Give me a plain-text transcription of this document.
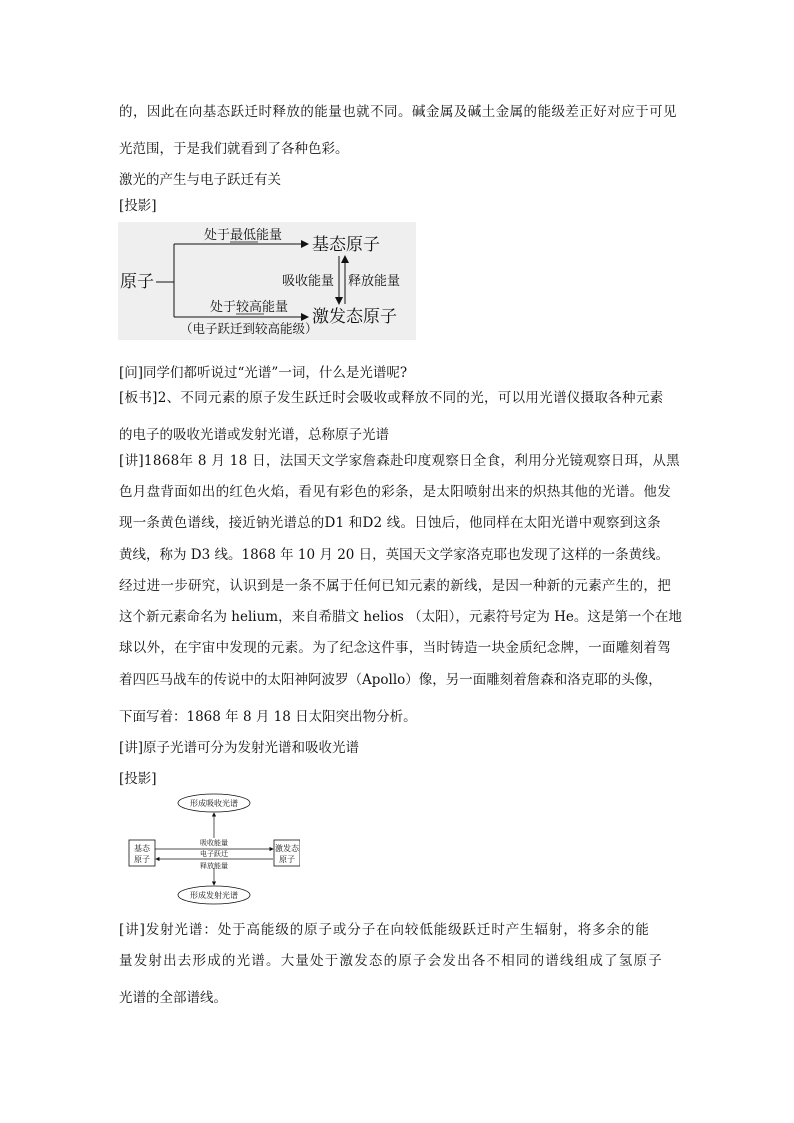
的，因此在向基态跃迁时释放的能量也就不同。碱金属及碱土金属的能级差正好对应于可见
光范围，于是我们就看到了各种色彩。
激光的产生与电子跃迁有关
[投影]
原子
处于最低能量 基态原子
处于较高能量 激发态原子
（电子跃迁到较高能级）
吸收能量 释放能量
[问]同学们都听说过“光谱”一词，什么是光谱呢?
[板书]2、不同元素的原子发生跃迁时会吸收或释放不同的光，可以用光谱仪摄取各种元素
的电子的吸收光谱或发射光谱，总称原子光谱
[讲]1868年 8 月 18 日，法国天文学家詹森赴印度观察日全食，利用分光镜观察日珥，从黑
色月盘背面如出的红色火焰，看见有彩色的彩条，是太阳喷射出来的炽热其他的光谱。他发
现一条黄色谱线，接近钠光谱总的D1 和D2 线。日蚀后，他同样在太阳光谱中观察到这条
黄线，称为 D3 线。1868 年 10 月 20 日，英国天文学家洛克耶也发现了这样的一条黄线。
经过进一步研究，认识到是一条不属于任何已知元素的新线，是因一种新的元素产生的，把
这个新元素命名为 helium，来自希腊文 helios （太阳），元素符号定为 He。这是第一个在地
球以外，在宇宙中发现的元素。为了纪念这件事，当时铸造一块金质纪念牌，一面雕刻着驾
着四匹马战车的传说中的太阳神阿波罗（Apollo）像，另一面雕刻着詹森和洛克耶的头像，
下面写着：1868 年 8 月 18 日太阳突出物分析。
[讲]原子光谱可分为发射光谱和吸收光谱
[投影]
形成吸收光谱
形成发射光谱
基态
原子
激发态
原子
吸收能量
电子跃迁
释放能量
[讲]发射光谱：处于高能级的原子或分子在向较低能级跃迁时产生辐射，将多余的能
量发射出去形成的光谱。大量处于激发态的原子会发出各不相同的谱线组成了氢原子
光谱的全部谱线。
